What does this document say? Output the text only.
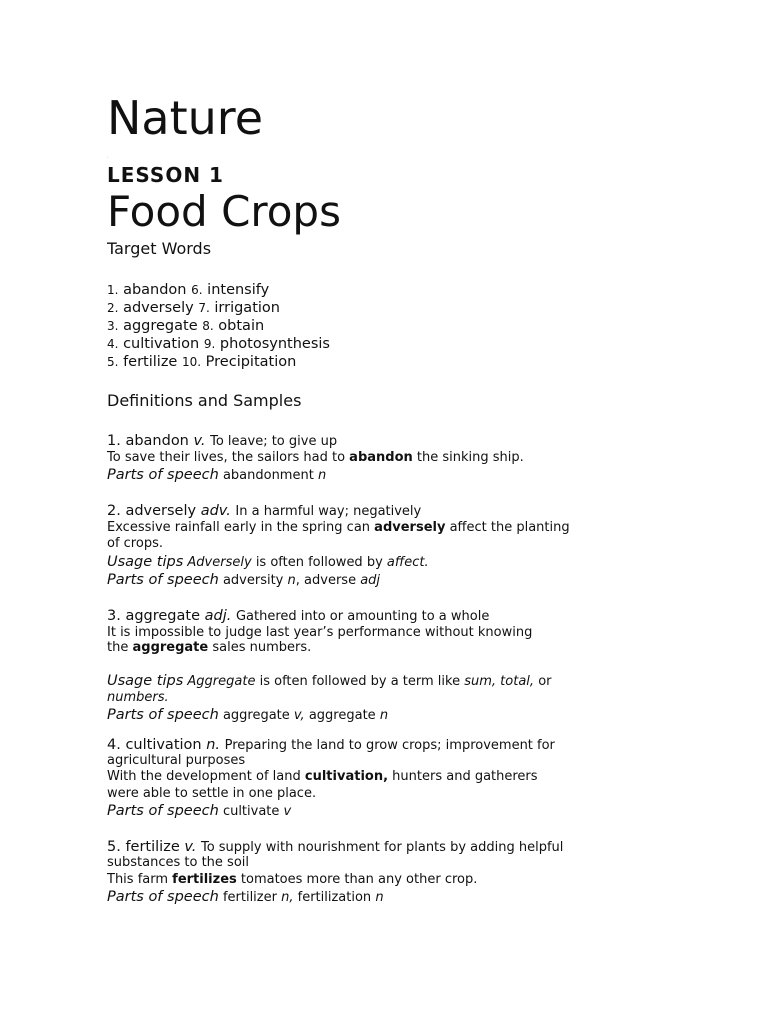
Nature
·
LESSON 1
Food Crops
Target Words
1. abandon 6. intensify
2. adversely 7. irrigation
3. aggregate 8. obtain
4. cultivation 9. photosynthesis
5. fertilize 10. Precipitation
Definitions and Samples
1. abandon v. To leave; to give up
To save their lives, the sailors had to abandon the sinking ship.
Parts of speech abandonment n
2. adversely adv. In a harmful way; negatively
Excessive rainfall early in the spring can adversely affect the planting
of crops.
Usage tips Adversely is often followed by affect.
Parts of speech adversity n, adverse adj
3. aggregate adj. Gathered into or amounting to a whole
It is impossible to judge last year’s performance without knowing
the aggregate sales numbers.
Usage tips Aggregate is often followed by a term like sum, total, or
numbers.
Parts of speech aggregate v, aggregate n
4. cultivation n. Preparing the land to grow crops; improvement for
agricultural purposes
With the development of land cultivation, hunters and gatherers
were able to settle in one place.
Parts of speech cultivate v
5. fertilize v. To supply with nourishment for plants by adding helpful
substances to the soil
This farm fertilizes tomatoes more than any other crop.
Parts of speech fertilizer n, fertilization n
